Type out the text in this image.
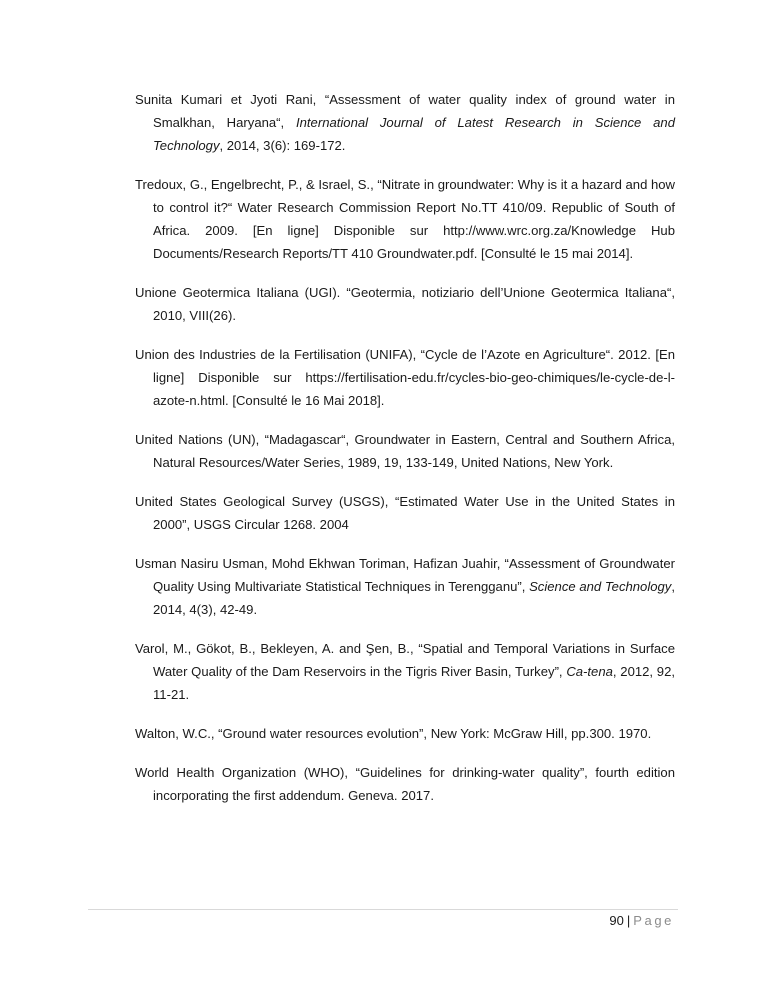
Sunita Kumari et Jyoti Rani, “Assessment of water quality index of ground water in Smalkhan, Haryana“, International Journal of Latest Research in Science and Technology, 2014, 3(6): 169-172.

Tredoux, G., Engelbrecht, P., & Israel, S., “Nitrate in groundwater: Why is it a hazard and how to control it?“ Water Research Commission Report No.TT 410/09. Republic of South of Africa. 2009. [En ligne] Disponible sur http://www.wrc.org.za/Knowledge Hub Documents/Research Reports/TT 410 Groundwater.pdf. [Consulté le 15 mai 2014].

Unione Geotermica Italiana (UGI). “Geotermia, notiziario dell’Unione Geotermica Italiana“, 2010, VIII(26).

Union des Industries de la Fertilisation (UNIFA), “Cycle de l’Azote en Agriculture“. 2012. [En ligne] Disponible sur https://fertilisation-edu.fr/cycles-bio-geo-chimiques/le-cycle-de-l-azote-n.html. [Consulté le 16 Mai 2018].

United Nations (UN), “Madagascar“, Groundwater in Eastern, Central and Southern Africa, Natural Resources/Water Series, 1989, 19, 133-149, United Nations, New York.

United States Geological Survey (USGS), “Estimated Water Use in the United States in 2000”, USGS Circular 1268. 2004

Usman Nasiru Usman, Mohd Ekhwan Toriman, Hafizan Juahir, “Assessment of Groundwater Quality Using Multivariate Statistical Techniques in Terengganu”, Science and Technology, 2014, 4(3), 42-49.

Varol, M., Gökot, B., Bekleyen, A. and Şen, B., “Spatial and Temporal Variations in Surface Water Quality of the Dam Reservoirs in the Tigris River Basin, Turkey”, Ca-tena, 2012, 92, 11-21.

Walton, W.C., “Ground water resources evolution”, New York: McGraw Hill, pp.300. 1970.

World Health Organization (WHO), “Guidelines for drinking-water quality”, fourth edition incorporating the first addendum. Geneva. 2017.

90 | Page
